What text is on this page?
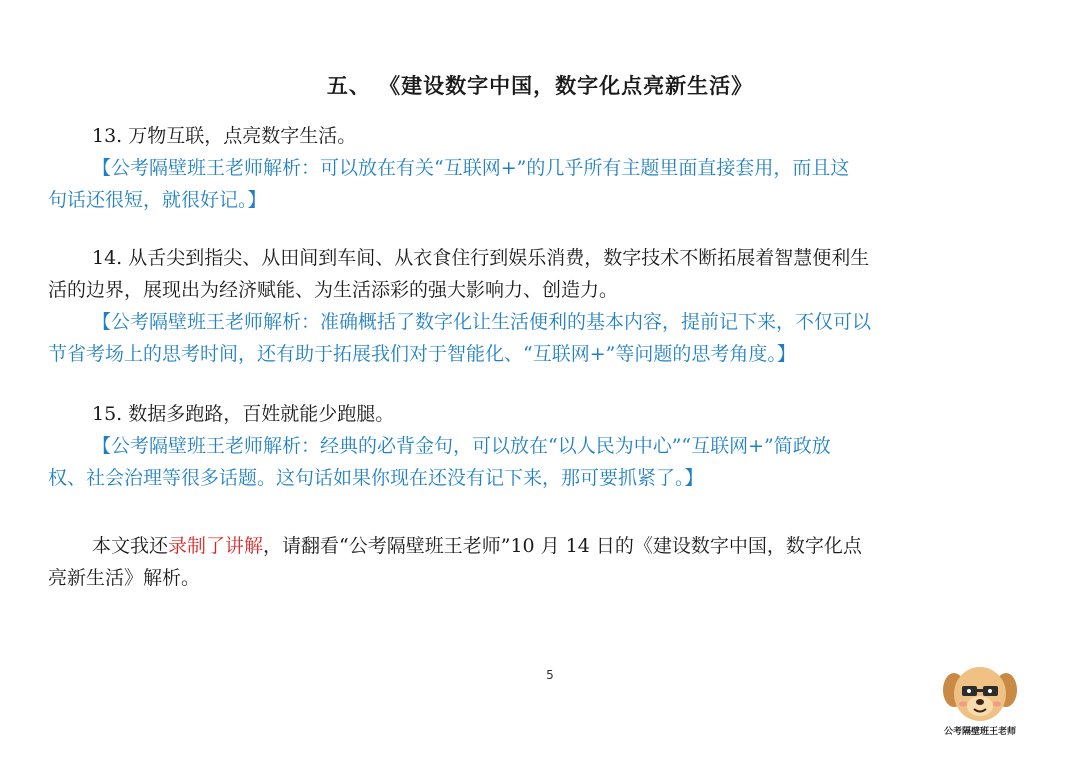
五、 《建设数字中国，数字化点亮新生活》
13. 万物互联，点亮数字生活。
【公考隔壁班王老师解析：可以放在有关“互联网+”的几乎所有主题里面直接套用，而且这
句话还很短，就很好记。】
14. 从舌尖到指尖、从田间到车间、从衣食住行到娱乐消费，数字技术不断拓展着智慧便利生
活的边界，展现出为经济赋能、为生活添彩的强大影响力、创造力。
【公考隔壁班王老师解析：准确概括了数字化让生活便利的基本内容，提前记下来，不仅可以
节省考场上的思考时间，还有助于拓展我们对于智能化、“互联网+”等问题的思考角度。】
15. 数据多跑路，百姓就能少跑腿。
【公考隔壁班王老师解析：经典的必背金句，可以放在“以人民为中心”“互联网+”简政放
权、社会治理等很多话题。这句话如果你现在还没有记下来，那可要抓紧了。】
本文我还录制了讲解，请翻看“公考隔壁班王老师”10 月 14 日的《建设数字中国，数字化点
亮新生活》解析。
5
公考隔壁班王老师
